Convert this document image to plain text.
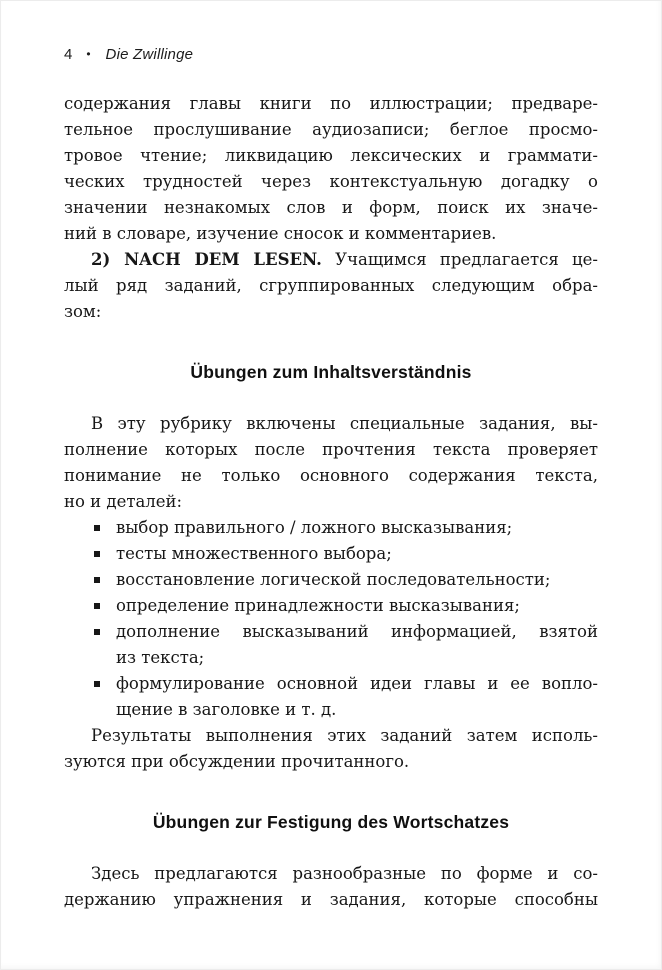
4 • Die Zwillinge
содержания главы книги по иллюстрации; предваре-
тельное прослушивание аудиозаписи; беглое просмо-
тровое чтение; ликвидацию лексических и граммати-
ческих трудностей через контекстуальную догадку о
значении незнакомых слов и форм, поиск их значе-
ний в словаре, изучение сносок и комментариев.
2) NACH DEM LESEN. Учащимся предлагается це-
лый ряд заданий, сгруппированных следующим обра-
зом:
Übungen zum Inhaltsverständnis
В эту рубрику включены специальные задания, вы-
полнение которых после прочтения текста проверяет
понимание не только основного содержания текста,
но и деталей:
выбор правильного / ложного высказывания;
тесты множественного выбора;
восстановление логической последовательности;
определение принадлежности высказывания;
дополнение высказываний информацией, взятой
из текста;
формулирование основной идеи главы и ее вопло-
щение в заголовке и т. д.
Результаты выполнения этих заданий затем исполь-
зуются при обсуждении прочитанного.
Übungen zur Festigung des Wortschatzes
Здесь предлагаются разнообразные по форме и со-
держанию упражнения и задания, которые способны
